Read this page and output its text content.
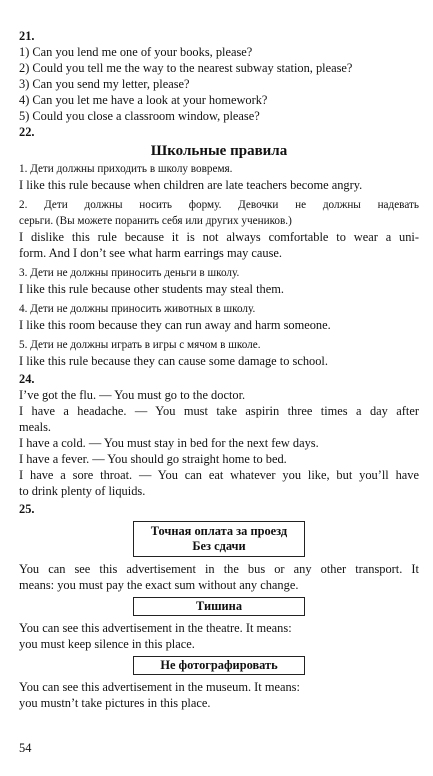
21.
1) Can you lend me one of your books, please?
2) Could you tell me the way to the nearest subway station, please?
3) Can you send my letter, please?
4) Can you let me have a look at your homework?
5) Could you close a classroom window, please?
22.
Школьные правила
1. Дети должны приходить в школу вовремя.
I like this rule because when children are late teachers become angry.
2. Дети должны носить форму. Девочки не должны надевать
серьги. (Вы можете поранить себя или других учеников.)
I dislike this rule because it is not always comfortable to wear a uni-
form. And I don’t see what harm earrings may cause.
3. Дети не должны приносить деньги в школу.
I like this rule because other students may steal them.
4. Дети не должны приносить животных в школу.
I like this room because they can run away and harm someone.
5. Дети не должны играть в игры с мячом в школе.
I like this rule because they can cause some damage to school.
24.
I’ve got the flu. — You must go to the doctor.
I have a headache. — You must take aspirin three times a day after
meals.
I have a cold. — You must stay in bed for the next few days.
I have a fever. — You should go straight home to bed.
I have a sore throat. — You can eat whatever you like, but you’ll have
to drink plenty of liquids.
25.
Точная оплата за проезд
Без сдачи
You can see this advertisement in the bus or any other transport. It
means: you must pay the exact sum without any change.
Тишина
You can see this advertisement in the theatre. It means:
you must keep silence in this place.
Не фотографировать
You can see this advertisement in the museum. It means:
you mustn’t take pictures in this place.
54
